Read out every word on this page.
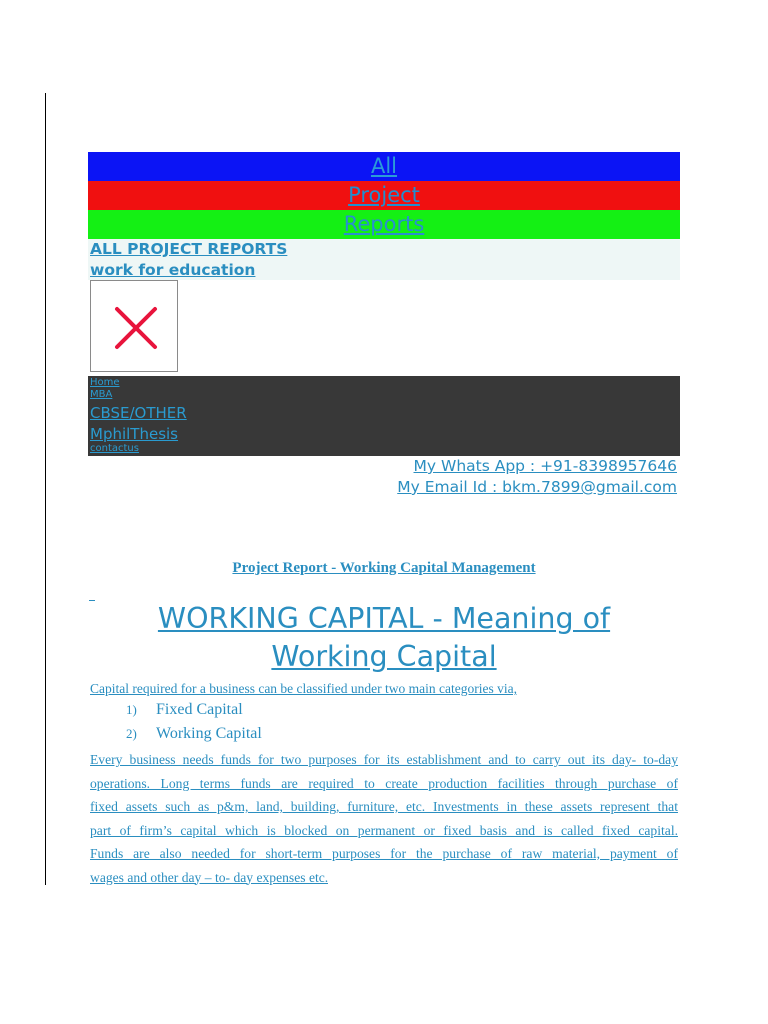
All
Project
Reports
ALL PROJECT REPORTS
work for education
Home
MBA
CBSE/OTHER
MphilThesis
contactus
My Whats App : +91-8398957646
My Email Id : bkm.7899@gmail.com
Project Report - Working Capital Management
WORKING CAPITAL - Meaning of
Working Capital
Capital required for a business can be classified under two main categories via,
1) Fixed Capital
2) Working Capital
Every business needs funds for two purposes for its establishment and to carry out its day- to-day
operations. Long terms funds are required to create production facilities through purchase of
fixed assets such as p&m, land, building, furniture, etc. Investments in these assets represent that
part of firm’s capital which is blocked on permanent or fixed basis and is called fixed capital.
Funds are also needed for short-term purposes for the purchase of raw material, payment of
wages and other day – to- day expenses etc.
